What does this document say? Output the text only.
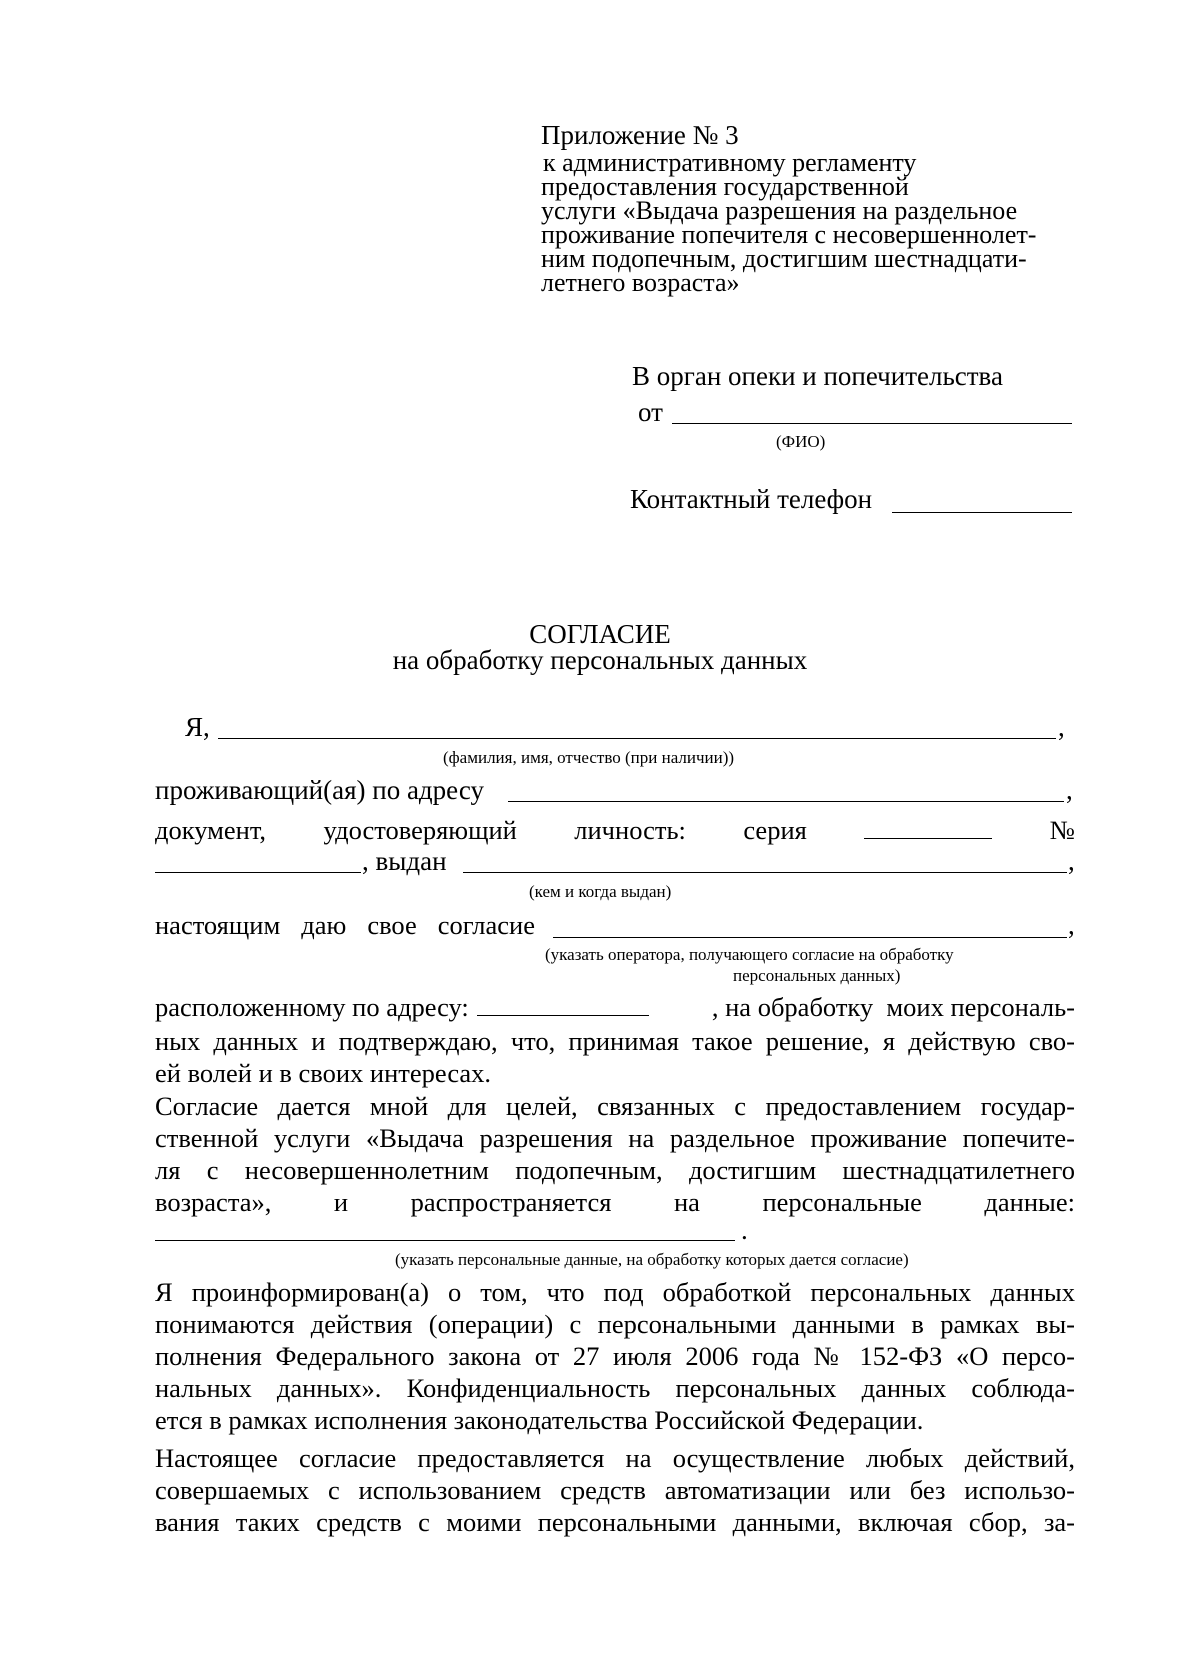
Приложение № 3
к административному регламенту
предоставления государственной
услуги «Выдача разрешения на раздельное
проживание попечителя с несовершеннолет-
ним подопечным, достигшим шестнадцати-
летнего возраста»
В орган опеки и попечительства
от
(ФИО)
Контактный телефон
СОГЛАСИЕ
на обработку персональных данных
Я,	,
(фамилия, имя, отчество (при наличии))
проживающий(ая) по адресу	,
документ, удостоверяющий личность: серия	№
, выдан	,
(кем и когда выдан)
настоящим даю свое согласие	,
(указать оператора, получающего согласие на обработку
персональных данных)
расположенному по адресу:	, на обработку  моих персональ-
ных данных и подтверждаю, что, принимая такое решение, я действую сво-
ей волей и в своих интересах.
Согласие дается мной для целей, связанных с предоставлением государ-
ственной услуги «Выдача разрешения на раздельное проживание попечите-
ля с несовершеннолетним подопечным, достигшим шестнадцатилетнего
возраста», и распространяется на персональные данные:
.
(указать персональные данные, на обработку которых дается согласие)
Я проинформирован(а) о том, что под обработкой персональных данных
понимаются действия (операции) с персональными данными в рамках вы-
полнения Федерального закона от 27 июля 2006 года № 152-ФЗ «О персо-
нальных данных». Конфиденциальность персональных данных соблюда-
ется в рамках исполнения законодательства Российской Федерации.
Настоящее согласие предоставляется на осуществление любых действий,
совершаемых с использованием средств автоматизации или без использо-
вания таких средств с моими персональными данными, включая сбор, за-
